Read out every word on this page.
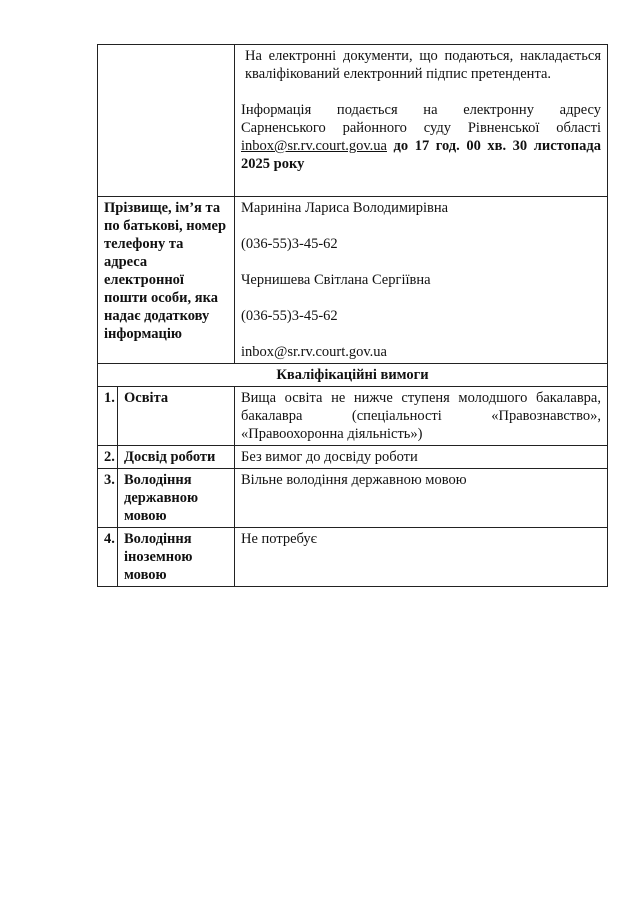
		На електронні документи, що подаються, накладається кваліфікований електронний підпис претендента.

Інформація подається на електронну адресу Сарненського районного суду Рівненської області inbox@sr.rv.court.gov.ua до 17 год. 00 хв. 30 листопада 2025 року

Прізвище, ім’я та по батькові, номер телефону та адреса електронної пошти особи, яка надає додаткову інформацію		Мариніна Лариса Володимирівна

(036-55)3-45-62

Чернишева Світлана Сергіївна

(036-55)3-45-62

inbox@sr.rv.court.gov.ua

Кваліфікаційні вимоги		
1.	Освіта	Вища освіта не нижче ступеня молодшого бакалавра, бакалавра (спеціальності «Правознавство», «Правоохоронна діяльність»)
2.	Досвід роботи	Без вимог до досвіду роботи
3.	Володіння державною мовою	Вільне володіння державною мовою
4.	Володіння іноземною мовою	Не потребує
